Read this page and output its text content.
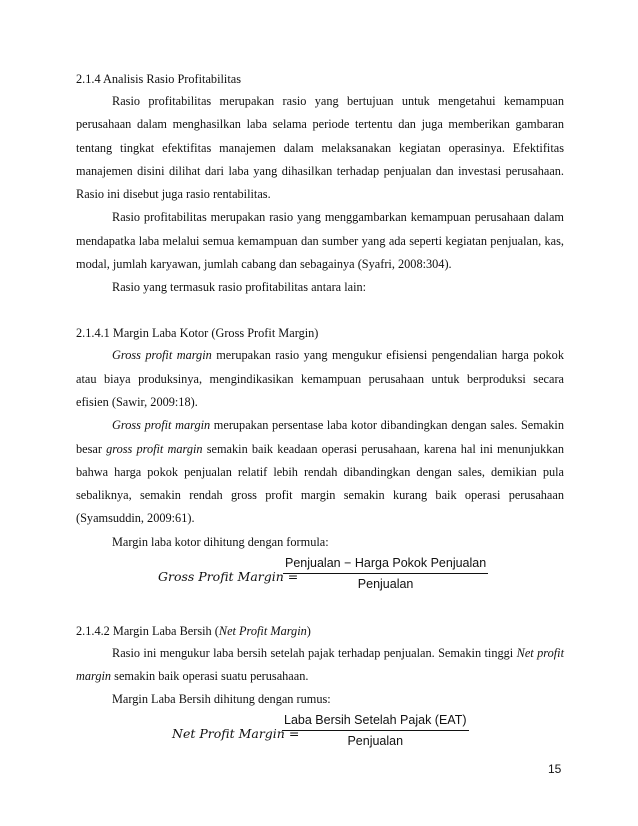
2.1.4 Analisis Rasio Profitabilitas

Rasio profitabilitas merupakan rasio yang bertujuan untuk mengetahui kemampuan perusahaan dalam menghasilkan laba selama periode tertentu dan juga memberikan gambaran tentang tingkat efektifitas manajemen dalam melaksanakan kegiatan operasinya. Efektifitas manajemen disini dilihat dari laba yang dihasilkan terhadap penjualan dan investasi perusahaan. Rasio ini disebut juga rasio rentabilitas.

Rasio profitabilitas merupakan rasio yang menggambarkan kemampuan perusahaan dalam mendapatka laba melalui semua kemampuan dan sumber yang ada seperti kegiatan penjualan, kas, modal, jumlah karyawan, jumlah cabang dan sebagainya (Syafri, 2008:304).

Rasio yang termasuk rasio profitabilitas antara lain:

2.1.4.1 Margin Laba Kotor (Gross Profit Margin)

Gross profit margin merupakan rasio yang mengukur efisiensi pengendalian harga pokok atau biaya produksinya, mengindikasikan kemampuan perusahaan untuk berproduksi secara efisien (Sawir, 2009:18).

Gross profit margin merupakan persentase laba kotor dibandingkan dengan sales. Semakin besar gross profit margin semakin baik keadaan operasi perusahaan, karena hal ini menunjukkan bahwa harga pokok penjualan relatif lebih rendah dibandingkan dengan sales, demikian pula sebaliknya, semakin rendah gross profit margin semakin kurang baik operasi perusahaan (Syamsuddin, 2009:61).

Margin laba kotor dihitung dengan formula:

Gross Profit Margin =
Penjualan − Harga Pokok Penjualan
Penjualan

2.1.4.2 Margin Laba Bersih (Net Profit Margin)

Rasio ini mengukur laba bersih setelah pajak terhadap penjualan. Semakin tinggi Net profit margin semakin baik operasi suatu perusahaan.

Margin Laba Bersih dihitung dengan rumus:

Net Profit Margin =
Laba Bersih Setelah Pajak (EAT)
Penjualan
15
